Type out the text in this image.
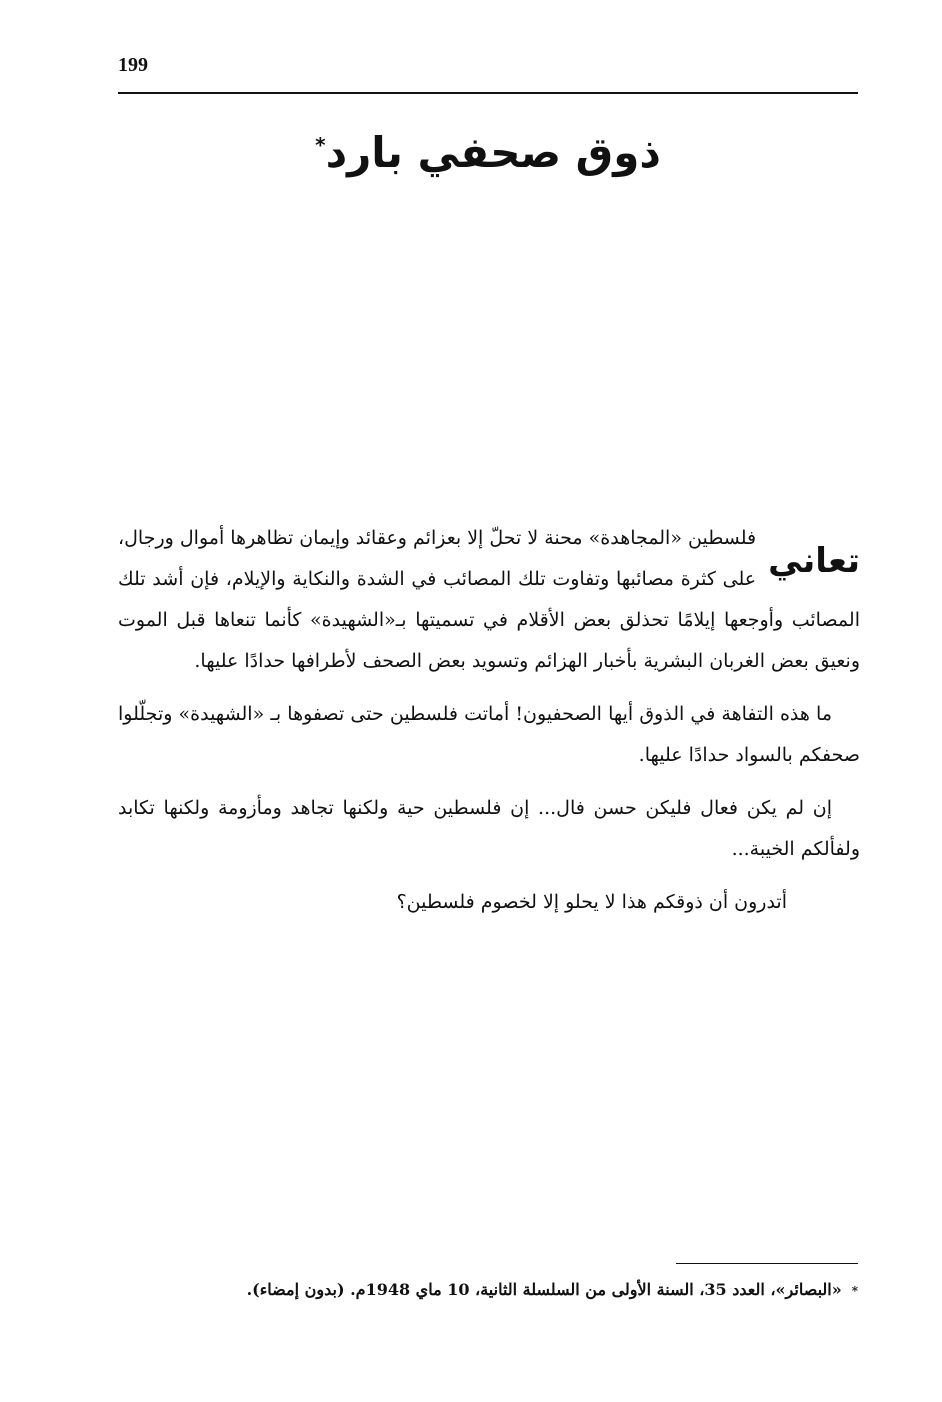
199
ذوق صحفي بارد*

تعاني
فلسطين «المجاهدة» محنة لا تحلّ إلا بعزائم وعقائد وإيمان تظاهرها أموال ورجال، على كثرة مصائبها وتفاوت تلك المصائب في الشدة والنكاية والإيلام، فإن أشد تلك المصائب وأوجعها إيلامًا تحذلق بعض الأقلام في تسميتها بـ«الشهيدة» كأنما تنعاها قبل الموت ونعيق بعض الغربان البشرية بأخبار الهزائم وتسويد بعض الصحف لأطرافها حدادًا عليها.

ما هذه التفاهة في الذوق أيها الصحفيون! أماتت فلسطين حتى تصفوها بـ «الشهيدة» وتجلّلوا صحفكم بالسواد حدادًا عليها.

إن لم يكن فعال فليكن حسن فال... إن فلسطين حية ولكنها تجاهد ومأزومة ولكنها تكابد ولفألكم الخيبة...

أتدرون أن ذوقكم هذا لا يحلو إلا لخصوم فلسطين؟

*«البصائر»، العدد 35، السنة الأولى من السلسلة الثانية، 10 ماي 1948م. (بدون إمضاء).
